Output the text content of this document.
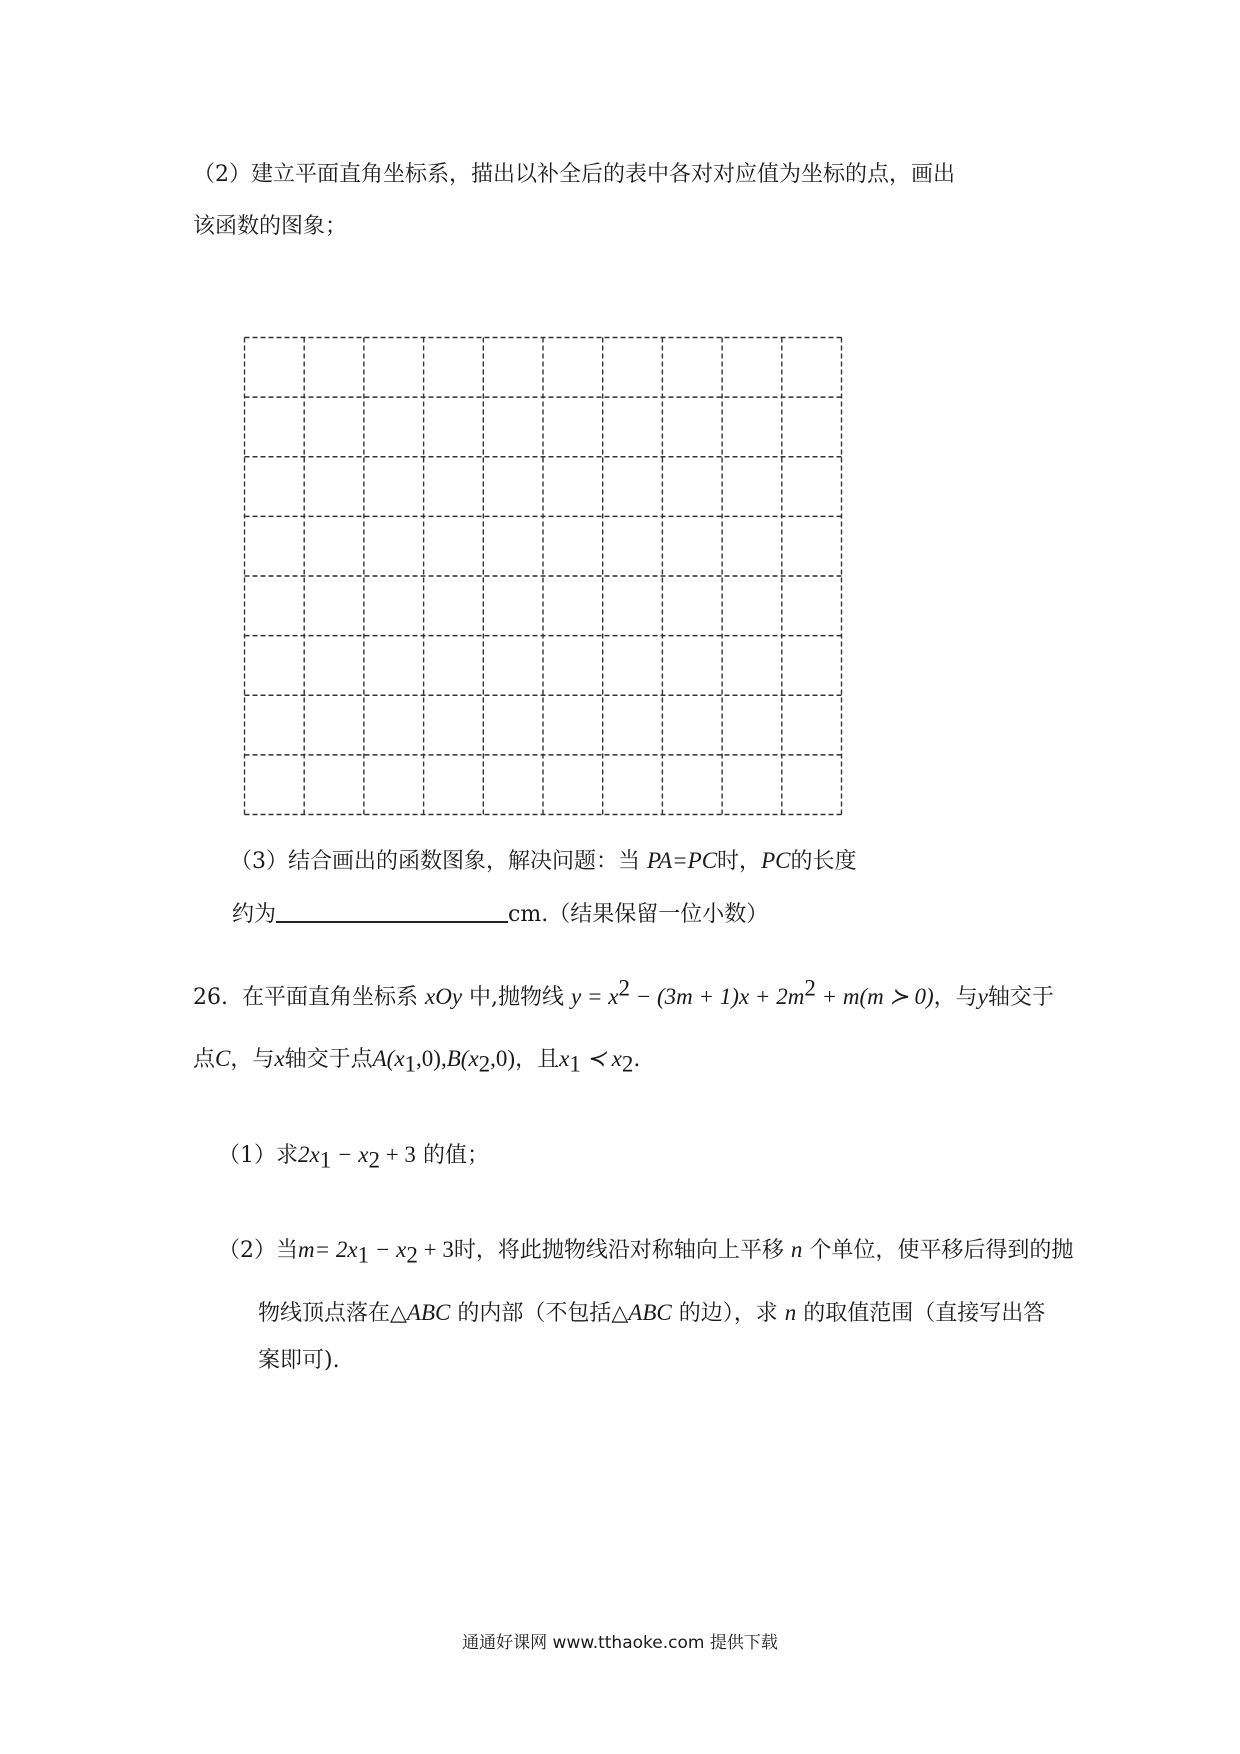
（2）建立平面直角坐标系，描出以补全后的表中各对对应值为坐标的点，画出
该函数的图象；
（3）结合画出的函数图象，解决问题：当 PA=PC时，PC的长度
约为	cm.（结果保留一位小数）
26. 在平面直角坐标系 xOy 中,抛物线 $y = x^2 - (3m + 1)x + 2m^2 + m(m$ ≻ 0)，与y轴交于
点C，与x轴交于点$A(x_1,0),B(x_2,0)$，且$x_1$ ≺ $x_2$.
（1）求$2x_1 - x_2 + 3$ 的值；
（2）当$m= 2x_1 - x_2 + 3$时，将此抛物线沿对称轴向上平移 n 个单位，使平移后得到的抛
物线顶点落在△ABC 的内部（不包括△ABC 的边），求 n 的取值范围（直接写出答
案即可).
通通好课网 www.tthaoke.com 提供下载
